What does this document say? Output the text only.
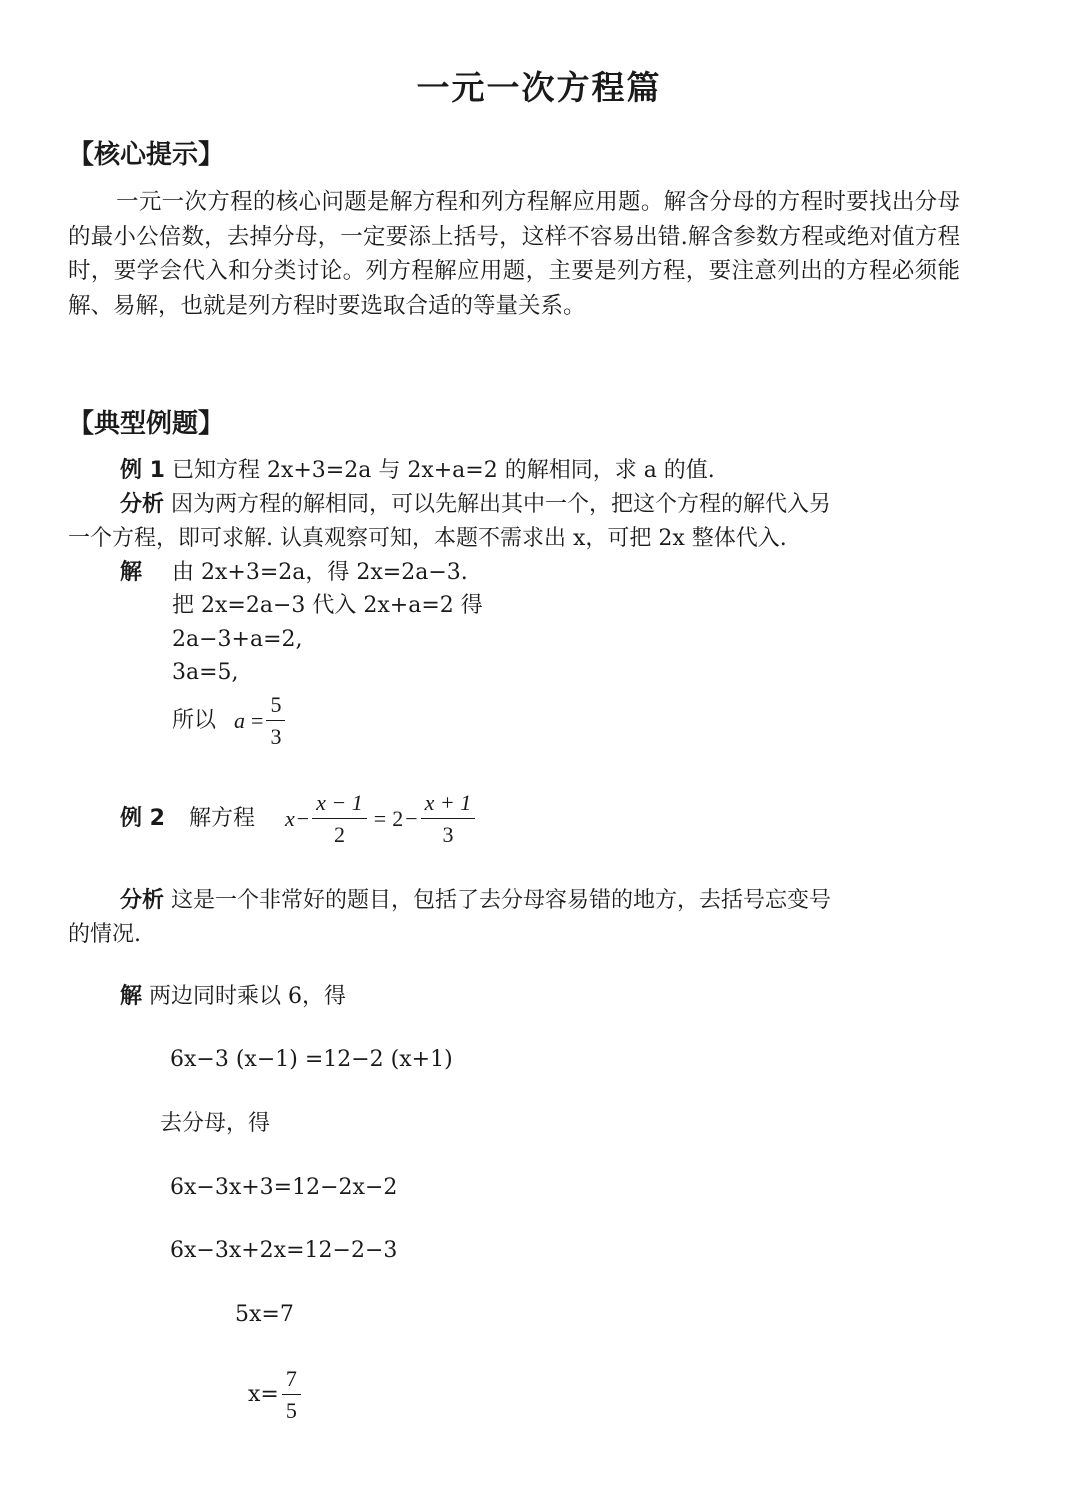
一元一次方程篇
【核心提示】
一元一次方程的核心问题是解方程和列方程解应用题。解含分母的方程时要找出分母的最小公倍数，去掉分母，一定要添上括号，这样不容易出错.解含参数方程或绝对值方程时，要学会代入和分类讨论。列方程解应用题，主要是列方程，要注意列出的方程必须能解、易解，也就是列方程时要选取合适的等量关系。
【典型例题】
例 1 已知方程 2x+3=2a 与 2x+a=2 的解相同，求 a 的值.
分析 因为两方程的解相同，可以先解出其中一个，把这个方程的解代入另
一个方程，即可求解. 认真观察可知，本题不需求出 x，可把 2x 整体代入.
解 由 2x+3=2a，得 2x=2a−3.
把 2x=2a−3 代入 2x+a=2 得
2a−3+a=2,
3a=5,
所以 $a = \frac{5}{3}$
例 2 解方程 $x - \frac{x - 1}{2} = 2 - \frac{x + 1}{3}$
分析 这是一个非常好的题目，包括了去分母容易错的地方，去括号忘变号
的情况.
解 两边同时乘以 6，得
6x−3 (x−1) =12−2 (x+1)
去分母，得
6x−3x+3=12−2x−2
6x−3x+2x=12−2−3
5x=7
$x= \frac{7}{5}$
